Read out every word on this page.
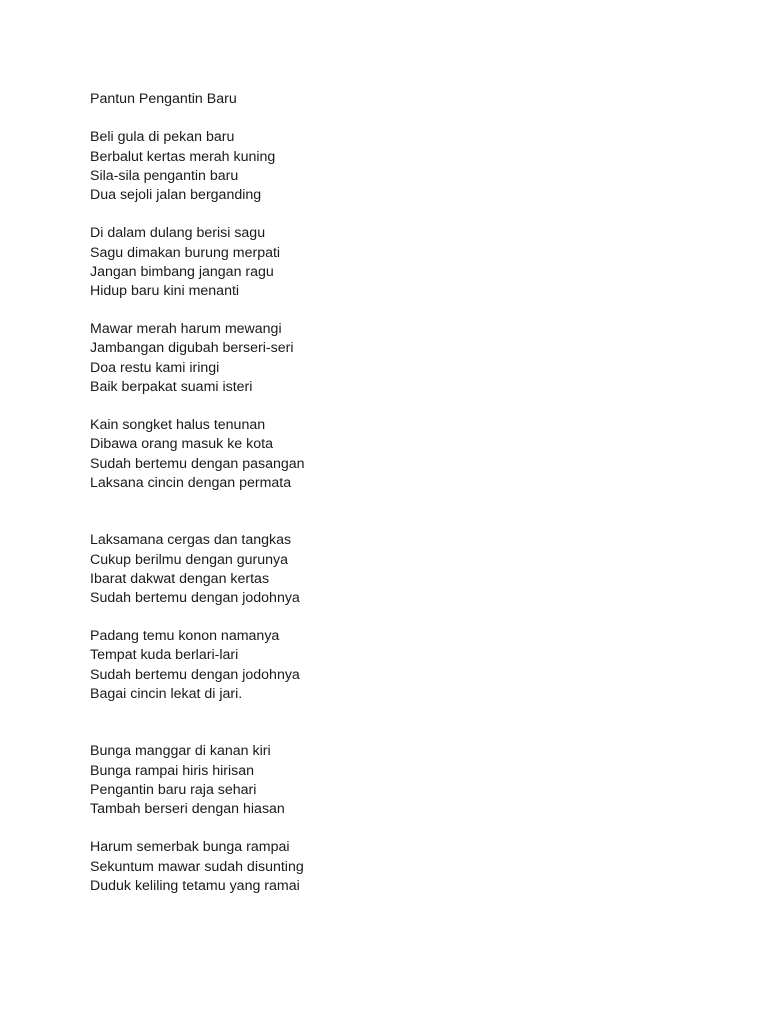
Pantun Pengantin Baru
Beli gula di pekan baru
Berbalut kertas merah kuning
Sila-sila pengantin baru
Dua sejoli jalan berganding
Di dalam dulang berisi sagu
Sagu dimakan burung merpati
Jangan bimbang jangan ragu
Hidup baru kini menanti
Mawar merah harum mewangi
Jambangan digubah berseri-seri
Doa restu kami iringi
Baik berpakat suami isteri
Kain songket halus tenunan
Dibawa orang masuk ke kota
Sudah bertemu dengan pasangan
Laksana cincin dengan permata
Laksamana cergas dan tangkas
Cukup berilmu dengan gurunya
Ibarat dakwat dengan kertas
Sudah bertemu dengan jodohnya
Padang temu konon namanya
Tempat kuda berlari-lari
Sudah bertemu dengan jodohnya
Bagai cincin lekat di jari.
Bunga manggar di kanan kiri
Bunga rampai hiris hirisan
Pengantin baru raja sehari
Tambah berseri dengan hiasan
Harum semerbak bunga rampai
Sekuntum mawar sudah disunting
Duduk keliling tetamu yang ramai
